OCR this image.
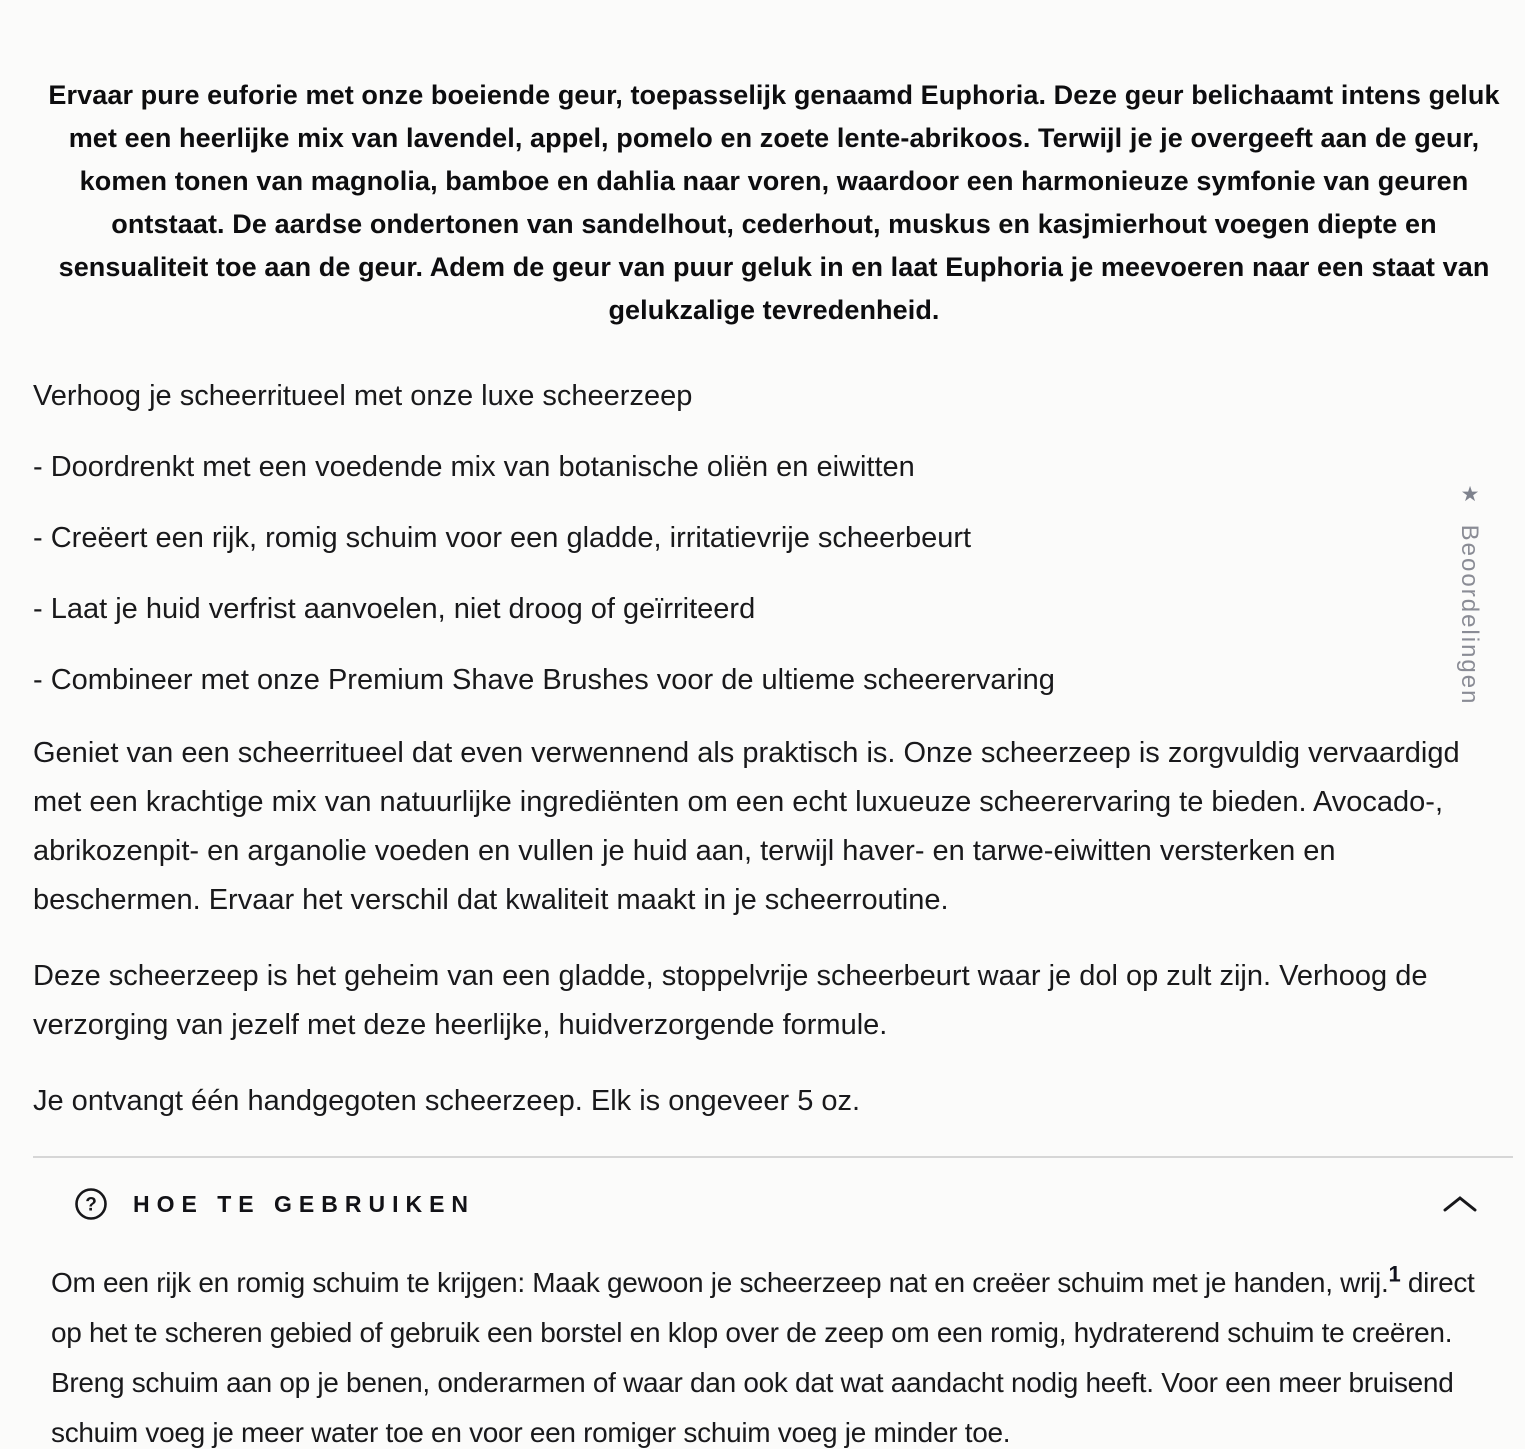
Ervaar pure euforie met onze boeiende geur, toepasselijk genaamd Euphoria. Deze geur belichaamt intens geluk met een heerlijke mix van lavendel, appel, pomelo en zoete lente-abrikoos. Terwijl je je overgeeft aan de geur, komen tonen van magnolia, bamboe en dahlia naar voren, waardoor een harmonieuze symfonie van geuren ontstaat. De aardse ondertonen van sandelhout, cederhout, muskus en kasjmierhout voegen diepte en sensualiteit toe aan de geur. Adem de geur van puur geluk in en laat Euphoria je meevoeren naar een staat van gelukzalige tevredenheid.

Verhoog je scheerritueel met onze luxe scheerzeep

- Doordrenkt met een voedende mix van botanische oliën en eiwitten

- Creëert een rijk, romig schuim voor een gladde, irritatievrije scheerbeurt

- Laat je huid verfrist aanvoelen, niet droog of geïrriteerd

- Combineer met onze Premium Shave Brushes voor de ultieme scheerervaring

Geniet van een scheerritueel dat even verwennend als praktisch is. Onze scheerzeep is zorgvuldig vervaardigd met een krachtige mix van natuurlijke ingrediënten om een echt luxueuze scheerervaring te bieden. Avocado-, abrikozenpit- en arganolie voeden en vullen je huid aan, terwijl haver- en tarwe-eiwitten versterken en beschermen. Ervaar het verschil dat kwaliteit maakt in je scheerroutine.

Deze scheerzeep is het geheim van een gladde, stoppelvrije scheerbeurt waar je dol op zult zijn. Verhoog de verzorging van jezelf met deze heerlijke, huidverzorgende formule.

Je ontvangt één handgegoten scheerzeep. Elk is ongeveer 5 oz.

? HOE TE GEBRUIKEN

Om een rijk en romig schuim te krijgen: Maak gewoon je scheerzeep nat en creëer schuim met je handen, wrij.$^1$ direct op het te scheren gebied of gebruik een borstel en klop over de zeep om een romig, hydraterend schuim te creëren. Breng schuim aan op je benen, onderarmen of waar dan ook dat wat aandacht nodig heeft. Voor een meer bruisend schuim voeg je meer water toe en voor een romiger schuim voeg je minder toe.

★ Beoordelingen
